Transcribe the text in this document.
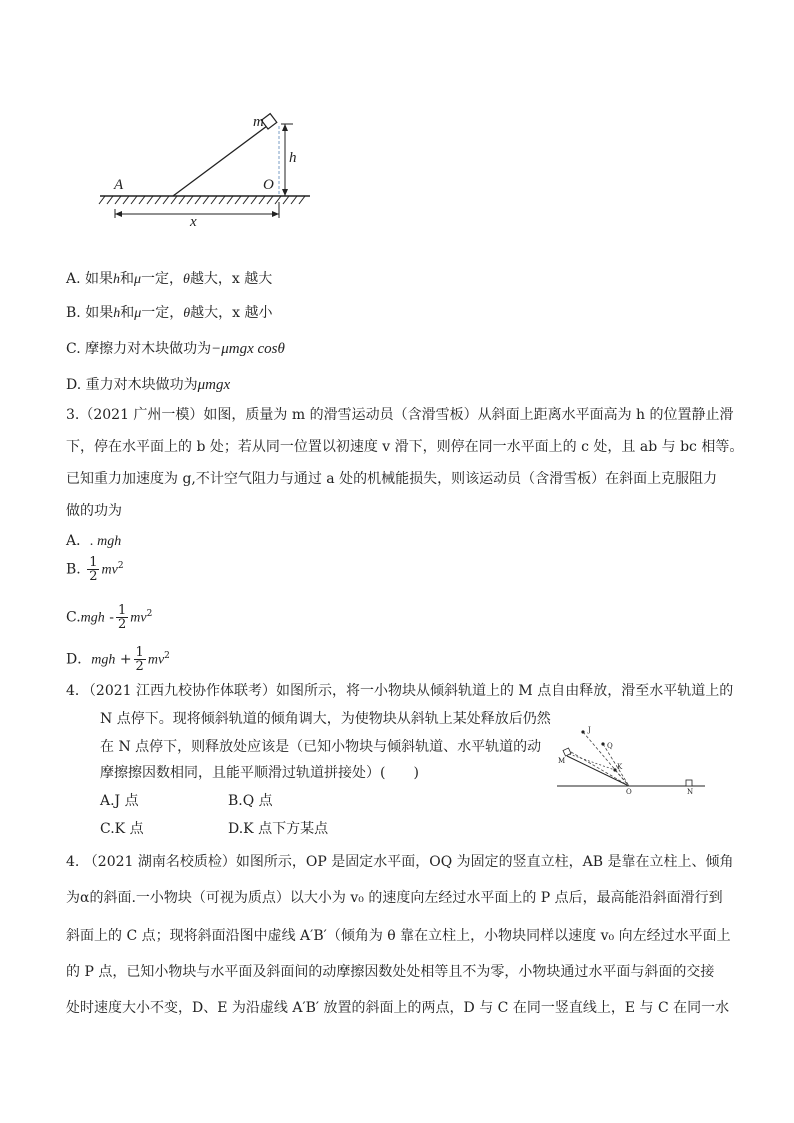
m
h
A	O
x
A. 如果h和μ一定，θ越大，x 越大
B. 如果h和μ一定，θ越大，x 越小
C. 摩擦力对木块做功为−μmgx cosθ
D. 重力对木块做功为μmgx
3.（2021 广州一模）如图，质量为 m 的滑雪运动员（含滑雪板）从斜面上距离水平面高为 h 的位置静止滑
下，停在水平面上的 b 处；若从同一位置以初速度 v 滑下，则停在同一水平面上的 c 处，且 ab 与 bc 相等。
已知重力加速度为 g,不计空气阻力与通过 a 处的机械能损失，则该运动员（含滑雪板）在斜面上克服阻力
做的功为
A．. mgh
B. $\frac{1}{2} mv^2$
$C.mgh - \frac{1}{2} mv^2$
D．mgh + $\frac{1}{2} mv^2$
4．（2021 江西九校协作体联考）如图所示，将一小物块从倾斜轨道上的 M 点自由释放，滑至水平轨道上的
N 点停下。现将倾斜轨道的倾角调大，为使物块从斜轨上某处释放后仍然
在 N 点停下，则释放处应该是（已知小物块与倾斜轨道、水平轨道的动
摩擦擦因数相同，且能平顺滑过轨道拼接处）(　　)
A.J 点	B.Q 点
C.K 点	D.K 点下方某点
J
Q
K
M
O	N
4. （2021 湖南名校质检）如图所示，OP 是固定水平面，OQ 为固定的竖直立柱，AB 是靠在立柱上、倾角
为α的斜面.一小物块（可视为质点）以大小为 v₀ 的速度向左经过水平面上的 P 点后，最高能沿斜面滑行到
斜面上的 C 点；现将斜面沿图中虚线 A′B′（倾角为 θ 靠在立柱上，小物块同样以速度 v₀ 向左经过水平面上
的 P 点，已知小物块与水平面及斜面间的动摩擦因数处处相等且不为零，小物块通过水平面与斜面的交接
处时速度大小不变，D、E 为沿虚线 A′B′ 放置的斜面上的两点，D 与 C 在同一竖直线上，E 与 C 在同一水
